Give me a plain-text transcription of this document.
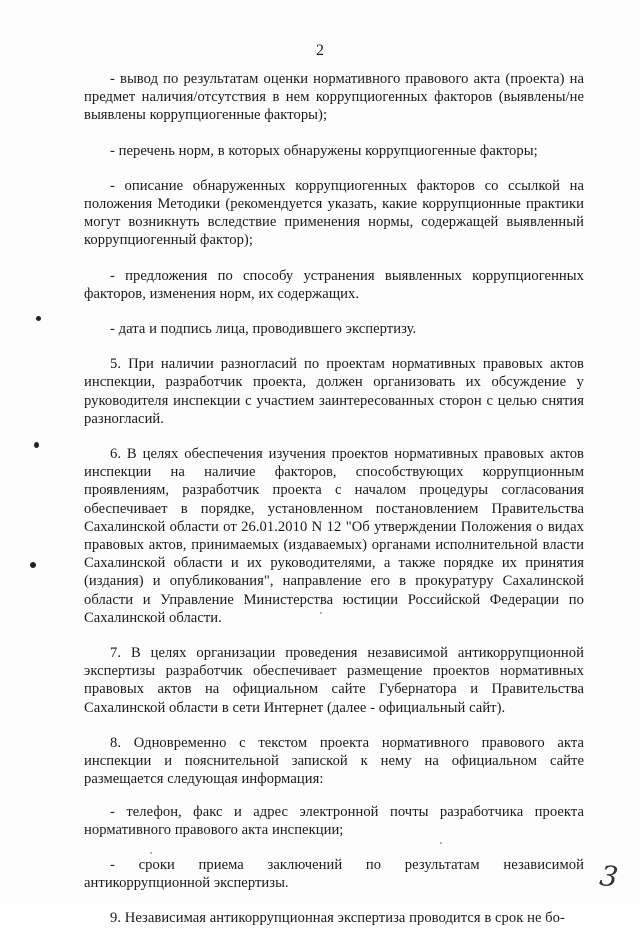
2

- вывод по результатам оценки нормативного правового акта (проекта) на предмет наличия/отсутствия в нем коррупциогенных факторов (выявлены/не выявлены коррупциогенные факторы);

- перечень норм, в которых обнаружены коррупциогенные факторы;

- описание обнаруженных коррупциогенных факторов со ссылкой на положения Методики (рекомендуется указать, какие коррупционные практики могут возникнуть вследствие применения нормы, содержащей выявленный коррупциогенный фактор);

- предложения по способу устранения выявленных коррупциогенных факторов, изменения норм, их содержащих.

- дата и подпись лица, проводившего экспертизу.

5. При наличии разногласий по проектам нормативных правовых актов инспекции, разработчик проекта, должен организовать их обсуждение у руководителя инспекции с участием заинтересованных сторон с целью снятия разногласий.

6. В целях обеспечения изучения проектов нормативных правовых актов инспекции на наличие факторов, способствующих коррупционным проявлениям, разработчик проекта с началом процедуры согласования обеспечивает в порядке, установленном постановлением Правительства Сахалинской области от 26.01.2010 N 12 "Об утверждении Положения о видах правовых актов, принимаемых (издаваемых) органами исполнительной власти Сахалинской области и их руководителями, а также порядке их принятия (издания) и опубликования", направление его в прокуратуру Сахалинской области и Управление Министерства юстиции Российской Федерации по Сахалинской области.

7. В целях организации проведения независимой антикоррупционной экспертизы разработчик обеспечивает размещение проектов нормативных правовых актов на официальном сайте Губернатора и Правительства Сахалинской области в сети Интернет (далее - официальный сайт).

8. Одновременно с текстом проекта нормативного правового акта инспекции и пояснительной запиской к нему на официальном сайте размещается следующая информация:

- телефон, факс и адрес электронной почты разработчика проекта нормативного правового акта инспекции;

- сроки приема заключений по результатам независимой антикоррупционной экспертизы.

9. Независимая антикоррупционная экспертиза проводится в срок не бо-

3
